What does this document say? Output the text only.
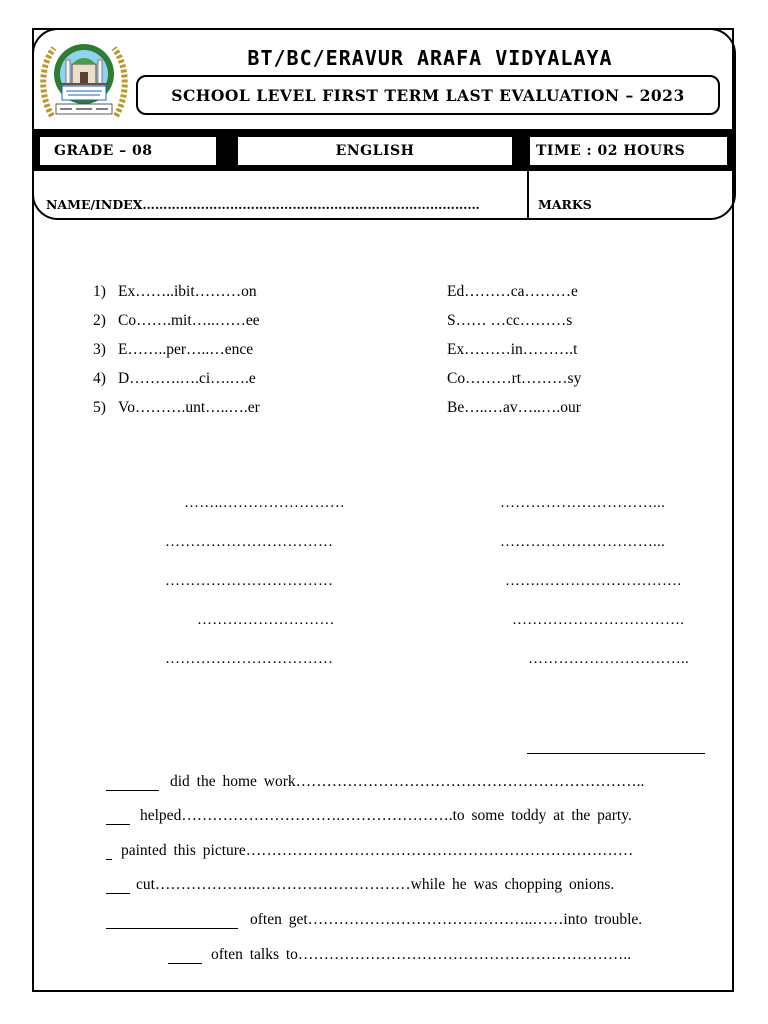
BT/BC/ERAVUR ARAFA VIDYALAYA
SCHOOL LEVEL FIRST TERM LAST EVALUATION – 2023
GRADE – 08	ENGLISH	TIME : 02 HOURS
NAME/INDEX………………………………………………………………………	MARKS
1) Ex……..ibit………on	Ed………ca………e
2) Co…….mit…..……ee	S…… …cc………s
3) E……..per…..…ence	Ex………in……….t
4) D……….….ci….….e	Co………rt………sy
5) Vo……….unt…..….er	Be…..…av…..….our
……..……………………	…………………………...
……………………………	…………………………...
……………………………	…….……………………….
………………………	…………………………….
……………………………	…………………………..
did the home work…………………………………………………………..
helped………………………….………………….to some toddy at the party.
painted this picture…………………………………………………………………
cut………………..…………………………while he was chopping onions.
often get……………………………………..……into trouble.
often talks to………………………………………………………..
